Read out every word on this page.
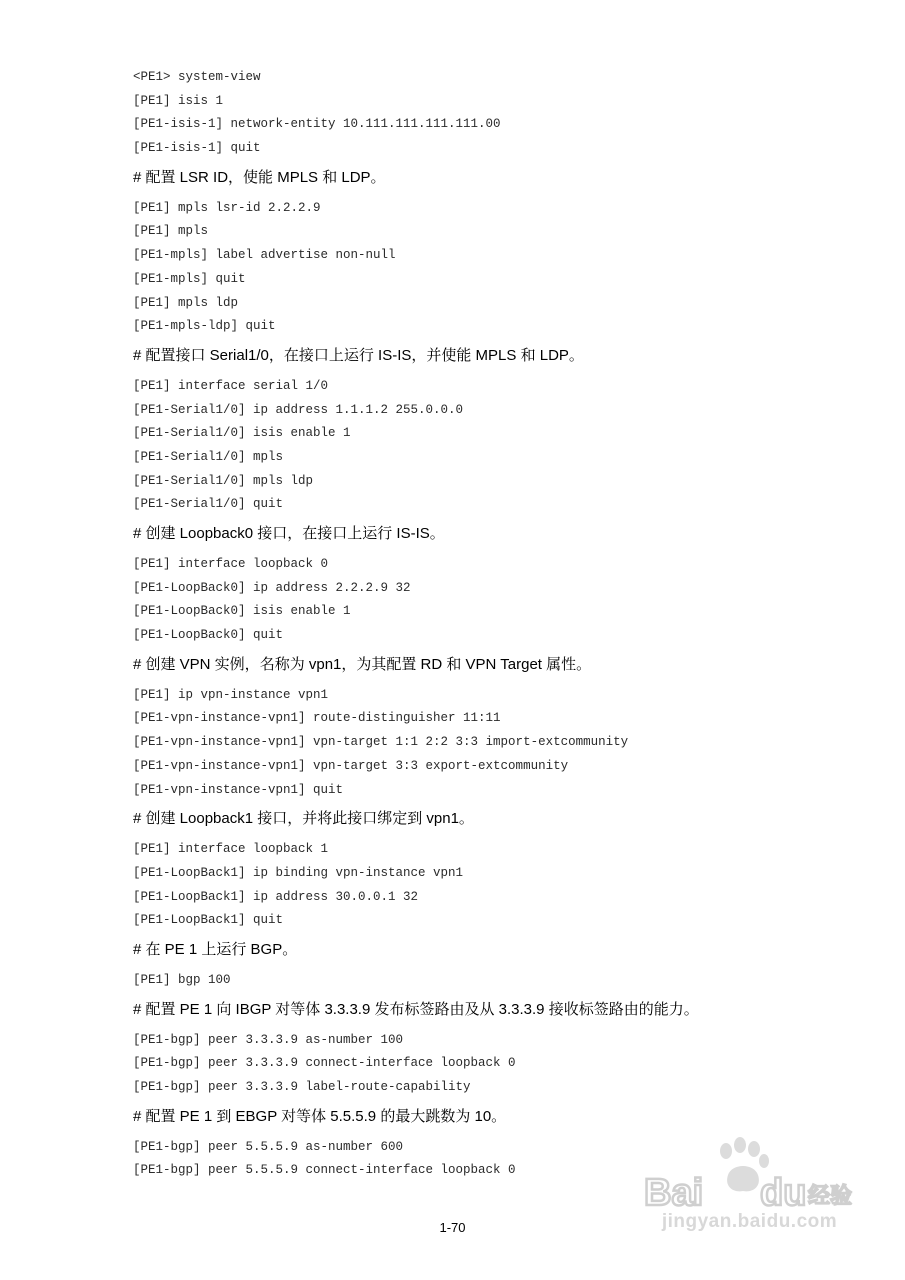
<PE1> system-view
[PE1] isis 1
[PE1-isis-1] network-entity 10.111.111.111.111.00
[PE1-isis-1] quit
# 配置 LSR ID，使能 MPLS 和 LDP。
[PE1] mpls lsr-id 2.2.2.9
[PE1] mpls
[PE1-mpls] label advertise non-null
[PE1-mpls] quit
[PE1] mpls ldp
[PE1-mpls-ldp] quit
# 配置接口 Serial1/0，在接口上运行 IS-IS，并使能 MPLS 和 LDP。
[PE1] interface serial 1/0
[PE1-Serial1/0] ip address 1.1.1.2 255.0.0.0
[PE1-Serial1/0] isis enable 1
[PE1-Serial1/0] mpls
[PE1-Serial1/0] mpls ldp
[PE1-Serial1/0] quit
# 创建 Loopback0 接口，在接口上运行 IS-IS。
[PE1] interface loopback 0
[PE1-LoopBack0] ip address 2.2.2.9 32
[PE1-LoopBack0] isis enable 1
[PE1-LoopBack0] quit
# 创建 VPN 实例，名称为 vpn1，为其配置 RD 和 VPN Target 属性。
[PE1] ip vpn-instance vpn1
[PE1-vpn-instance-vpn1] route-distinguisher 11:11
[PE1-vpn-instance-vpn1] vpn-target 1:1 2:2 3:3 import-extcommunity
[PE1-vpn-instance-vpn1] vpn-target 3:3 export-extcommunity
[PE1-vpn-instance-vpn1] quit
# 创建 Loopback1 接口，并将此接口绑定到 vpn1。
[PE1] interface loopback 1
[PE1-LoopBack1] ip binding vpn-instance vpn1
[PE1-LoopBack1] ip address 30.0.0.1 32
[PE1-LoopBack1] quit
# 在 PE 1 上运行 BGP。
[PE1] bgp 100
# 配置 PE 1 向 IBGP 对等体 3.3.3.9 发布标签路由及从 3.3.3.9 接收标签路由的能力。
[PE1-bgp] peer 3.3.3.9 as-number 100
[PE1-bgp] peer 3.3.3.9 connect-interface loopback 0
[PE1-bgp] peer 3.3.3.9 label-route-capability
# 配置 PE 1 到 EBGP 对等体 5.5.5.9 的最大跳数为 10。
[PE1-bgp] peer 5.5.5.9 as-number 600
[PE1-bgp] peer 5.5.5.9 connect-interface loopback 0
1-70
Bai du 经验
jingyan.baidu.com
